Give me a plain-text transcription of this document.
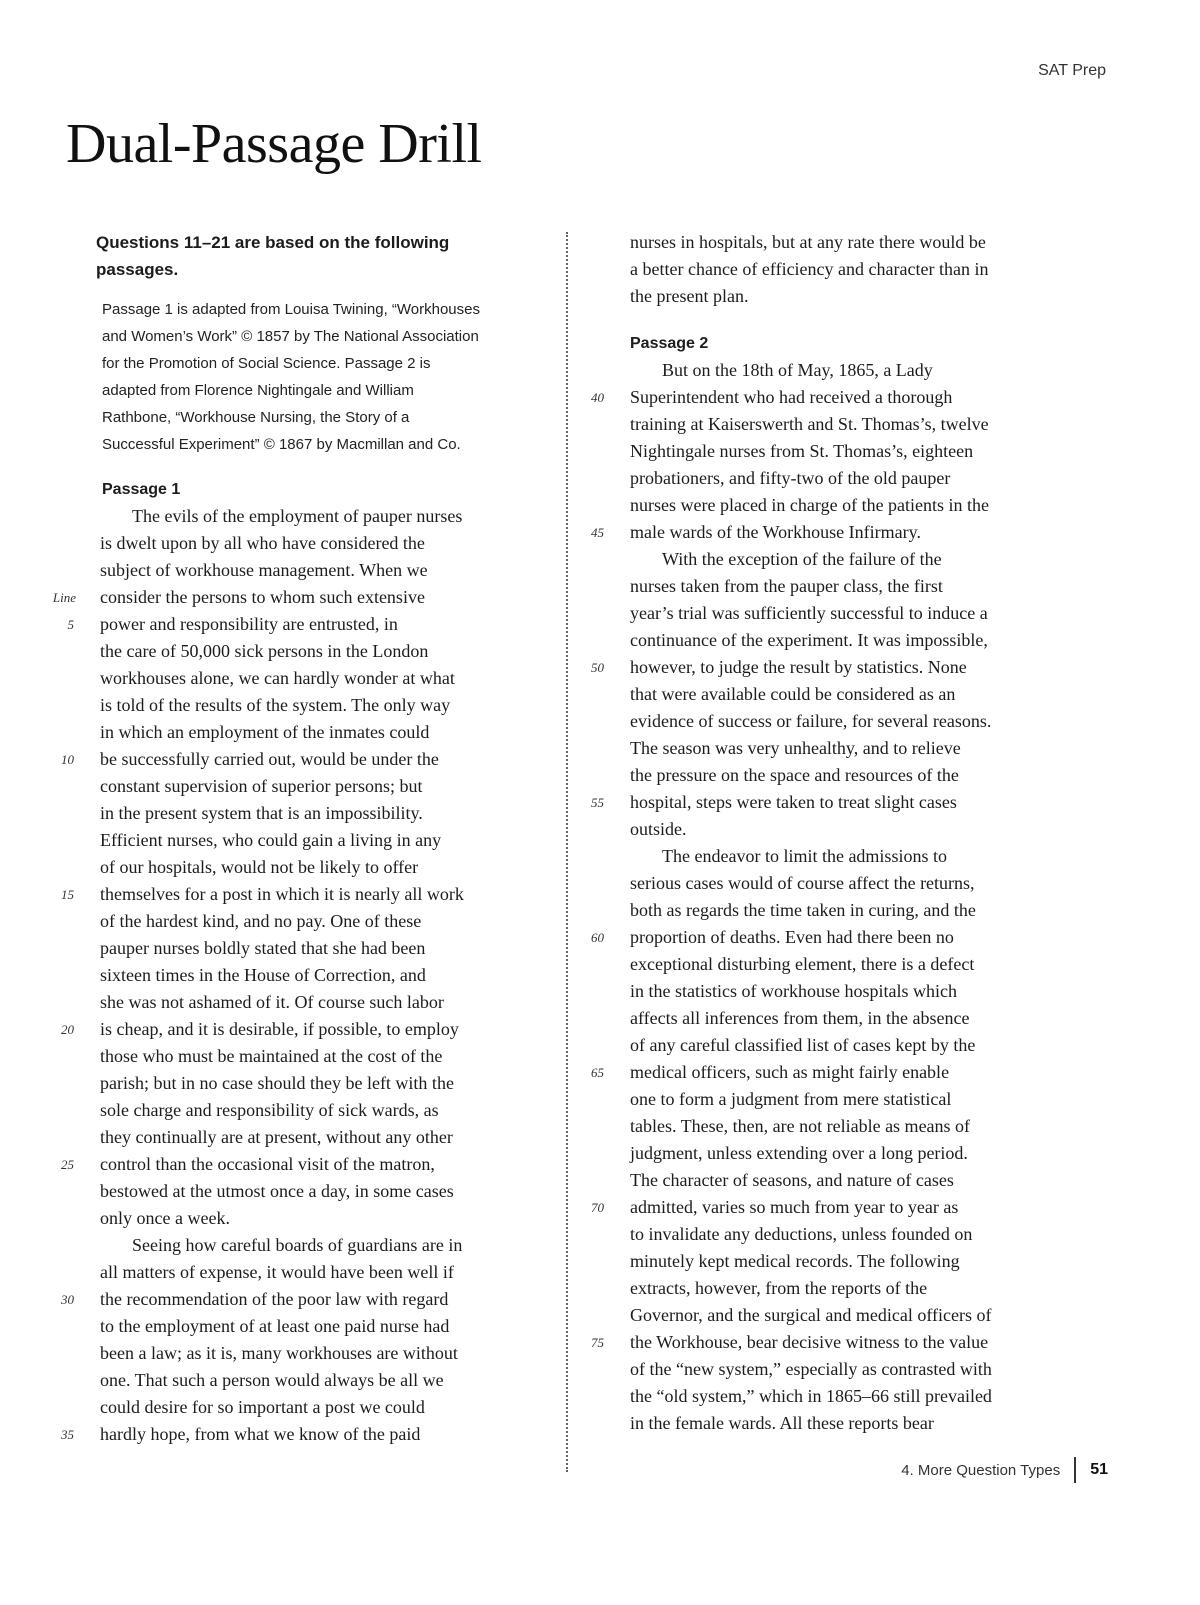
SAT Prep
Dual-Passage Drill
Questions 11–21 are based on the following passages.
Passage 1 is adapted from Louisa Twining, “Workhouses
and Women’s Work” © 1857 by The National Association
for the Promotion of Social Science. Passage 2 is
adapted from Florence Nightingale and William
Rathbone, “Workhouse Nursing, the Story of a
Successful Experiment” © 1867 by Macmillan and Co.
Passage 1
The evils of the employment of pauper nurses
is dwelt upon by all who have considered the
subject of workhouse management. When we
Line consider the persons to whom such extensive
5 power and responsibility are entrusted, in
the care of 50,000 sick persons in the London
workhouses alone, we can hardly wonder at what
is told of the results of the system. The only way
in which an employment of the inmates could
10 be successfully carried out, would be under the
constant supervision of superior persons; but
in the present system that is an impossibility.
Efficient nurses, who could gain a living in any
of our hospitals, would not be likely to offer
15 themselves for a post in which it is nearly all work
of the hardest kind, and no pay. One of these
pauper nurses boldly stated that she had been
sixteen times in the House of Correction, and
she was not ashamed of it. Of course such labor
20 is cheap, and it is desirable, if possible, to employ
those who must be maintained at the cost of the
parish; but in no case should they be left with the
sole charge and responsibility of sick wards, as
they continually are at present, without any other
25 control than the occasional visit of the matron,
bestowed at the utmost once a day, in some cases
only once a week.
Seeing how careful boards of guardians are in
all matters of expense, it would have been well if
30 the recommendation of the poor law with regard
to the employment of at least one paid nurse had
been a law; as it is, many workhouses are without
one. That such a person would always be all we
could desire for so important a post we could
35 hardly hope, from what we know of the paid
nurses in hospitals, but at any rate there would be
a better chance of efficiency and character than in
the present plan.
Passage 2
But on the 18th of May, 1865, a Lady
40 Superintendent who had received a thorough
training at Kaiserswerth and St. Thomas’s, twelve
Nightingale nurses from St. Thomas’s, eighteen
probationers, and fifty-two of the old pauper
nurses were placed in charge of the patients in the
45 male wards of the Workhouse Infirmary.
With the exception of the failure of the
nurses taken from the pauper class, the first
year’s trial was sufficiently successful to induce a
continuance of the experiment. It was impossible,
50 however, to judge the result by statistics. None
that were available could be considered as an
evidence of success or failure, for several reasons.
The season was very unhealthy, and to relieve
the pressure on the space and resources of the
55 hospital, steps were taken to treat slight cases
outside.
The endeavor to limit the admissions to
serious cases would of course affect the returns,
both as regards the time taken in curing, and the
60 proportion of deaths. Even had there been no
exceptional disturbing element, there is a defect
in the statistics of workhouse hospitals which
affects all inferences from them, in the absence
of any careful classified list of cases kept by the
65 medical officers, such as might fairly enable
one to form a judgment from mere statistical
tables. These, then, are not reliable as means of
judgment, unless extending over a long period.
The character of seasons, and nature of cases
70 admitted, varies so much from year to year as
to invalidate any deductions, unless founded on
minutely kept medical records. The following
extracts, however, from the reports of the
Governor, and the surgical and medical officers of
75 the Workhouse, bear decisive witness to the value
of the “new system,” especially as contrasted with
the “old system,” which in 1865–66 still prevailed
in the female wards. All these reports bear
4. More Question Types 51
